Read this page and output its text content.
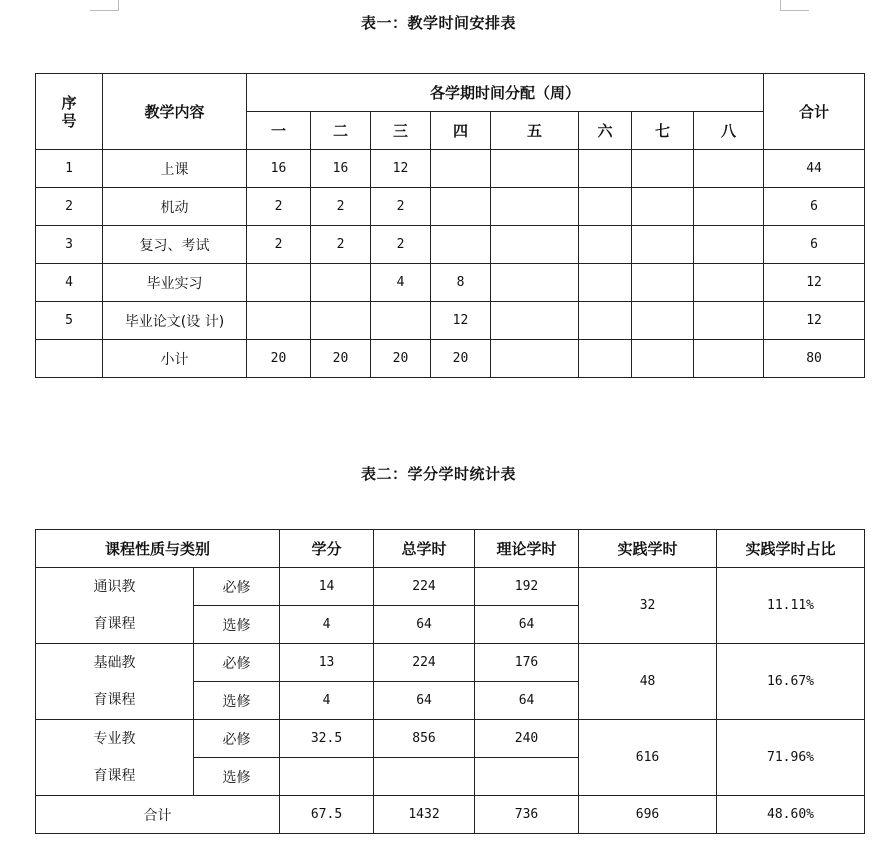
表一：教学时间安排表
序号	教学内容	各学期时间分配（周）								合计
		一	二	三	四	五	六	七	八	
1	上课	16	16	12						44
2	机动	2	2	2						6
3	复习、考试	2	2	2						6
4	毕业实习			4	8					12
5	毕业论文(设 计)				12					12
	小计	20	20	20	20					80
表二：学分学时统计表
课程性质与类别		学分	总学时	理论学时	实践学时	实践学时占比

通识教
育课程	必修	14	224	192	32	11.11%
	选修	4	64	64		

基础教
育课程	必修	13	224	176	48	16.67%
	选修	4	64	64		

专业教
育课程	必修	32.5	856	240	616	71.96%
	选修					
合计		67.5	1432	736	696	48.60%
